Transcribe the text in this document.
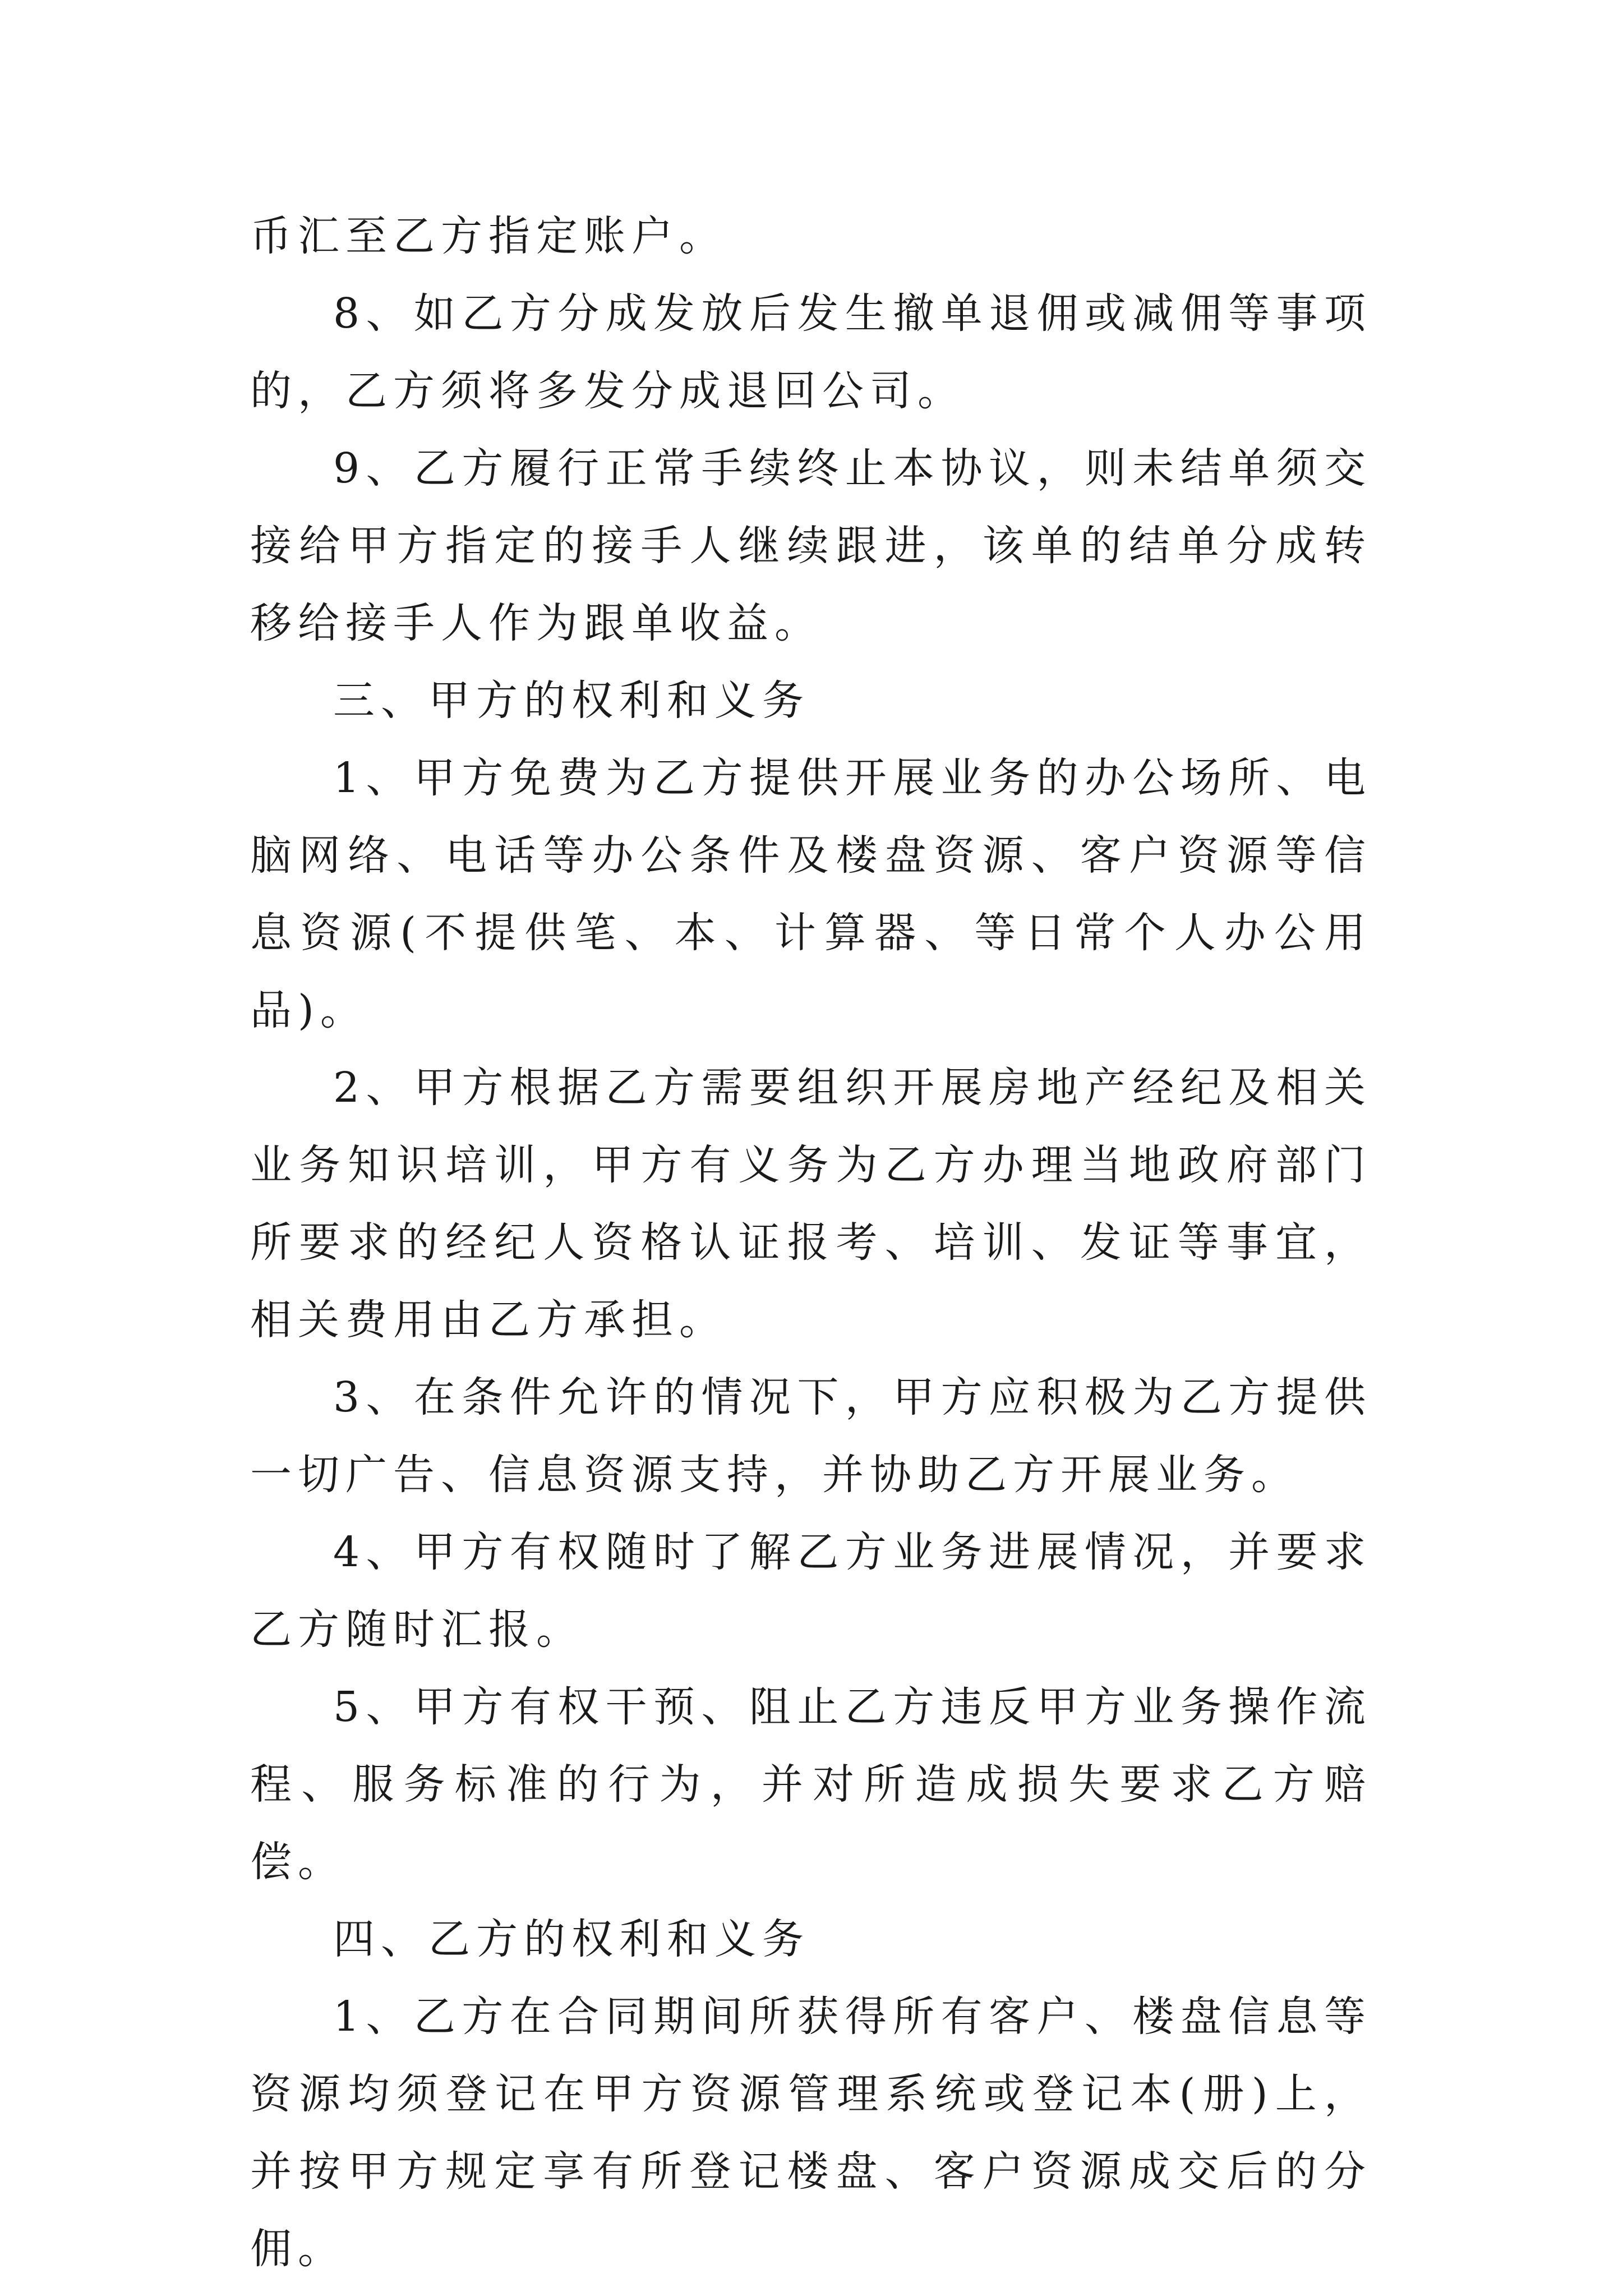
币汇至乙方指定账户。

8、如乙方分成发放后发生撤单退佣或减佣等事项的，乙方须将多发分成退回公司。

9、乙方履行正常手续终止本协议，则未结单须交接给甲方指定的接手人继续跟进，该单的结单分成转移给接手人作为跟单收益。

三、甲方的权利和义务

1、甲方免费为乙方提供开展业务的办公场所、电脑网络、电话等办公条件及楼盘资源、客户资源等信息资源(不提供笔、本、计算器、等日常个人办公用品)。

2、甲方根据乙方需要组织开展房地产经纪及相关业务知识培训，甲方有义务为乙方办理当地政府部门所要求的经纪人资格认证报考、培训、发证等事宜，相关费用由乙方承担。

3、在条件允许的情况下，甲方应积极为乙方提供一切广告、信息资源支持，并协助乙方开展业务。

4、甲方有权随时了解乙方业务进展情况，并要求乙方随时汇报。

5、甲方有权干预、阻止乙方违反甲方业务操作流程、服务标准的行为，并对所造成损失要求乙方赔偿。

四、乙方的权利和义务

1、乙方在合同期间所获得所有客户、楼盘信息等资源均须登记在甲方资源管理系统或登记本(册)上，并按甲方规定享有所登记楼盘、客户资源成交后的分佣。
